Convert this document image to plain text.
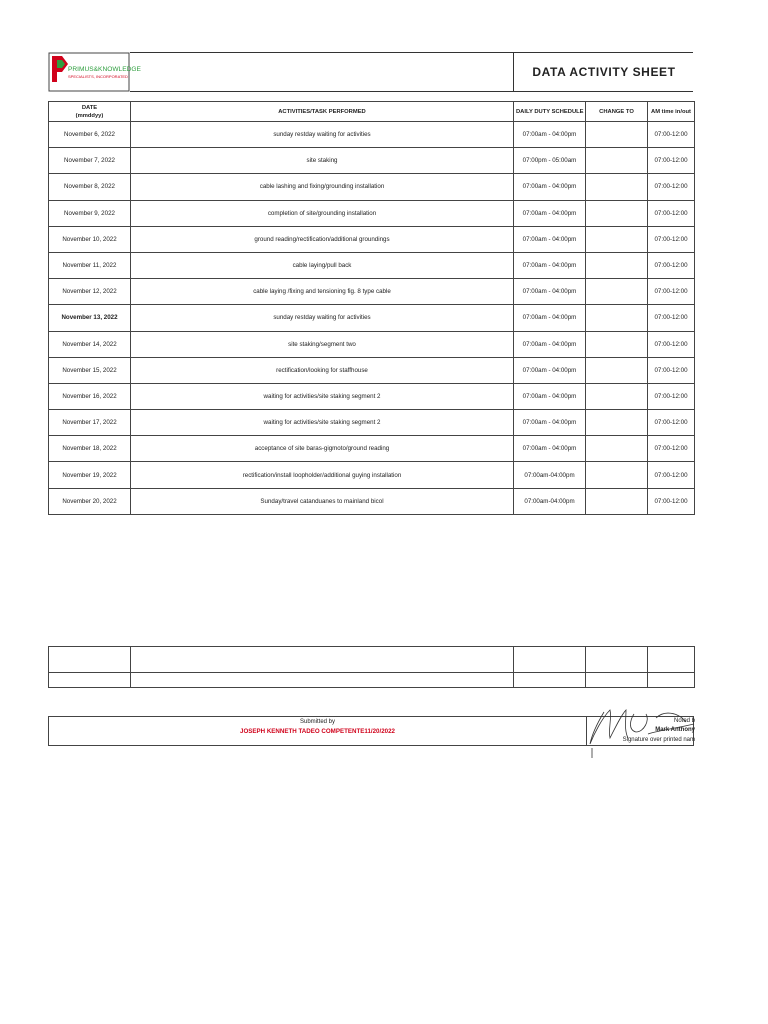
PRIMUS&KNOWLEDGE
SPECIALISTS, INCORPORATED	DATA ACTIVITY SHEET
DATE
(mmddyy)	ACTIVITIES/TASK PERFORMED	DAILY DUTY SCHEDULE	CHANGE TO	AM time in/out
November 6, 2022	sunday restday waiting for activities	07:00am - 04:00pm		07:00-12:00
November 7, 2022	site staking	07:00pm - 05:00am		07:00-12:00
November 8, 2022	cable lashing and fixing/grounding installation	07:00am - 04:00pm		07:00-12:00
November 9, 2022	completion of site/grounding installation	07:00am - 04:00pm		07:00-12:00
November 10, 2022	ground reading/rectification/additional groundings	07:00am - 04:00pm		07:00-12:00
November 11, 2022	cable laying/pull back	07:00am - 04:00pm		07:00-12:00
November 12, 2022	cable laying /fixing and tensioning fig. 8 type cable	07:00am - 04:00pm		07:00-12:00
November 13, 2022	sunday restday waiting for activities	07:00am - 04:00pm		07:00-12:00
November 14, 2022	site staking/segment two	07:00am - 04:00pm		07:00-12:00
November 15, 2022	rectification/looking for staffhouse	07:00am - 04:00pm		07:00-12:00
November 16, 2022	waiting for activities/site staking segment 2	07:00am - 04:00pm		07:00-12:00
November 17, 2022	waiting for activities/site staking segment 2	07:00am - 04:00pm		07:00-12:00
November 18, 2022	acceptance of site baras-gigmoto/ground reading	07:00am - 04:00pm		07:00-12:00
November 19, 2022	rectification/install loopholder/additional guying installation	07:00am-04:00pm		07:00-12:00
November 20, 2022	Sunday/travel catanduanes to mainland bicol	07:00am-04:00pm		07:00-12:00

Submitted by
JOSEPH KENNETH TADEO COMPETENTE11/20/2022
Noted b
Mark Anthony
Signature over printed nam
